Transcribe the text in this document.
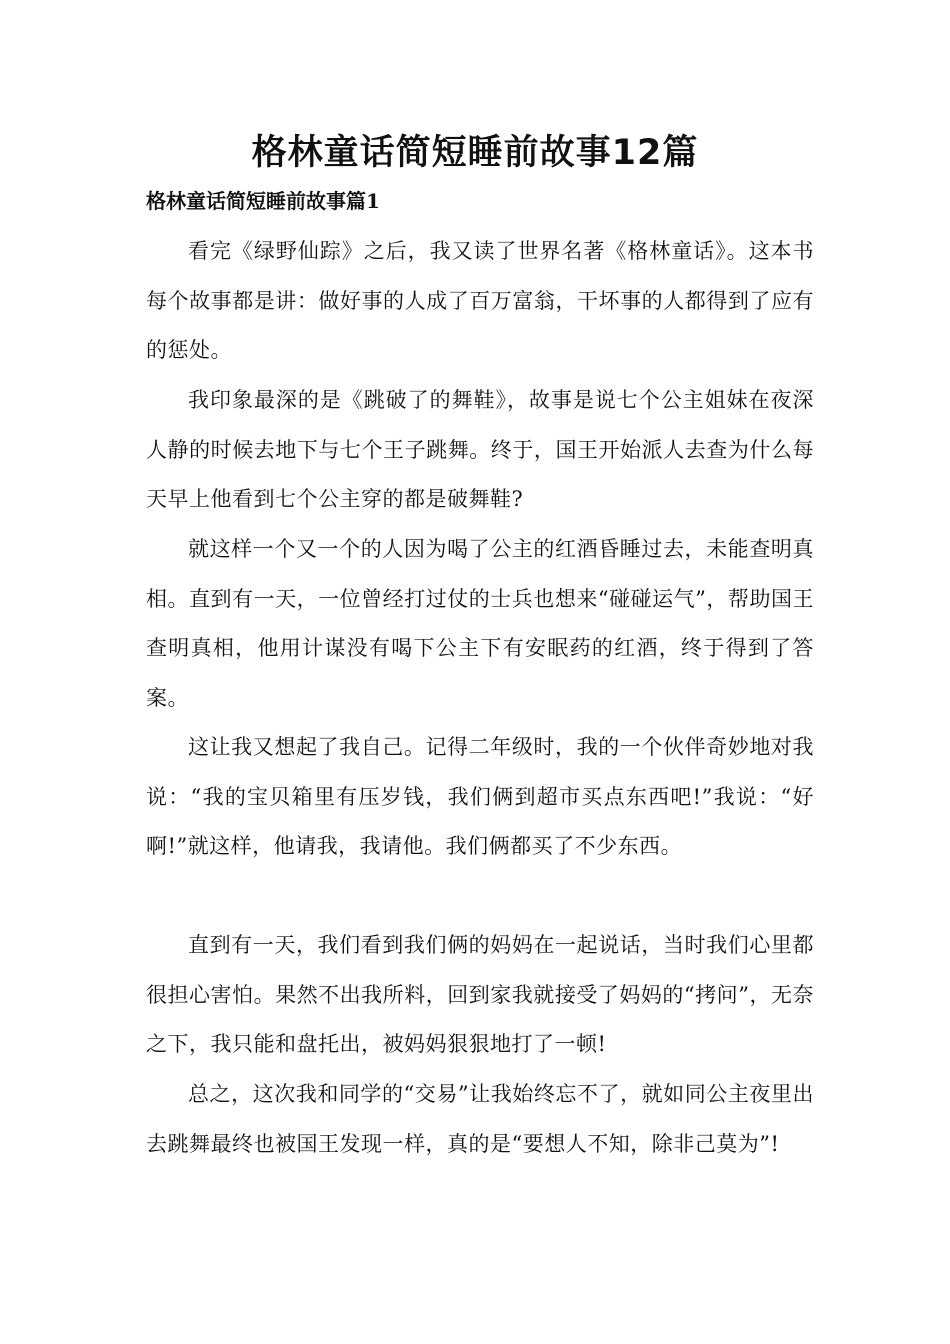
格林童话简短睡前故事12篇
格林童话简短睡前故事篇1

看完《绿野仙踪》之后，我又读了世界名著《格林童话》。这本书每个故事都是讲：做好事的人成了百万富翁，干坏事的人都得到了应有的惩处。

我印象最深的是《跳破了的舞鞋》，故事是说七个公主姐妹在夜深人静的时候去地下与七个王子跳舞。终于，国王开始派人去查为什么每天早上他看到七个公主穿的都是破舞鞋?

就这样一个又一个的人因为喝了公主的红酒昏睡过去，未能查明真相。直到有一天，一位曾经打过仗的士兵也想来“碰碰运气”，帮助国王查明真相，他用计谋没有喝下公主下有安眠药的红酒，终于得到了答案。

这让我又想起了我自己。记得二年级时，我的一个伙伴奇妙地对我说：“我的宝贝箱里有压岁钱，我们俩到超市买点东西吧!”我说：“好啊!”就这样，他请我，我请他。我们俩都买了不少东西。

直到有一天，我们看到我们俩的妈妈在一起说话，当时我们心里都很担心害怕。果然不出我所料，回到家我就接受了妈妈的“拷问”，无奈之下，我只能和盘托出，被妈妈狠狠地打了一顿!

总之，这次我和同学的“交易”让我始终忘不了，就如同公主夜里出去跳舞最终也被国王发现一样，真的是“要想人不知，除非己莫为”!
